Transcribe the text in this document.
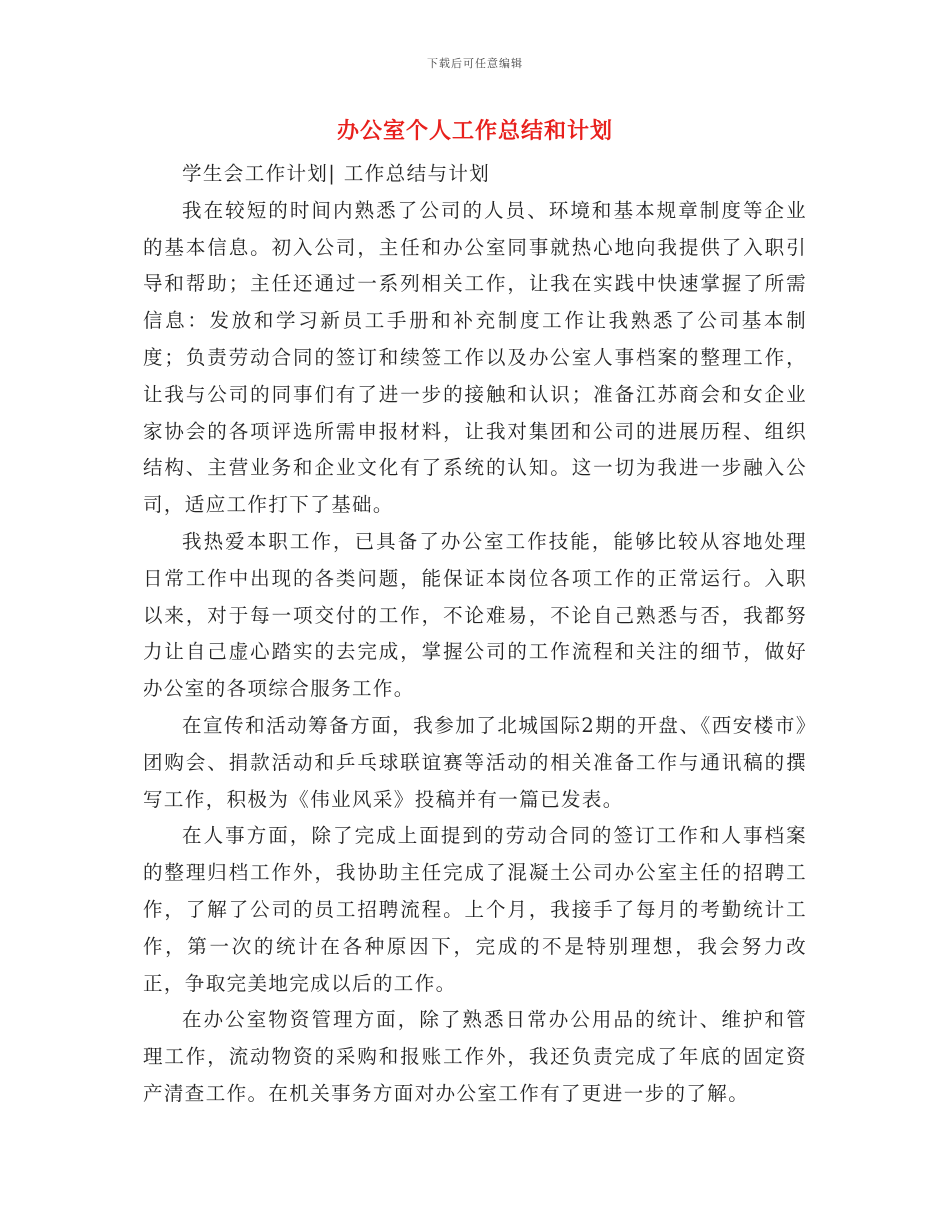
下载后可任意编辑
办公室个人工作总结和计划

学生会工作计划| 工作总结与计划

我在较短的时间内熟悉了公司的人员、环境和基本规章制度等企业的基本信息。初入公司，主任和办公室同事就热心地向我提供了入职引导和帮助；主任还通过一系列相关工作，让我在实践中快速掌握了所需信息：发放和学习新员工手册和补充制度工作让我熟悉了公司基本制度；负责劳动合同的签订和续签工作以及办公室人事档案的整理工作，让我与公司的同事们有了进一步的接触和认识；准备江苏商会和女企业家协会的各项评选所需申报材料，让我对集团和公司的进展历程、组织结构、主营业务和企业文化有了系统的认知。这一切为我进一步融入公司，适应工作打下了基础。

我热爱本职工作，已具备了办公室工作技能，能够比较从容地处理日常工作中出现的各类问题，能保证本岗位各项工作的正常运行。入职以来，对于每一项交付的工作，不论难易，不论自己熟悉与否，我都努力让自己虚心踏实的去完成，掌握公司的工作流程和关注的细节，做好办公室的各项综合服务工作。

在宣传和活动筹备方面，我参加了北城国际2期的开盘、《西安楼市》团购会、捐款活动和乒乓球联谊赛等活动的相关准备工作与通讯稿的撰写工作，积极为《伟业风采》投稿并有一篇已发表。

在人事方面，除了完成上面提到的劳动合同的签订工作和人事档案的整理归档工作外，我协助主任完成了混凝土公司办公室主任的招聘工作，了解了公司的员工招聘流程。上个月，我接手了每月的考勤统计工作，第一次的统计在各种原因下，完成的不是特别理想，我会努力改正，争取完美地完成以后的工作。

在办公室物资管理方面，除了熟悉日常办公用品的统计、维护和管理工作，流动物资的采购和报账工作外，我还负责完成了年底的固定资产清查工作。在机关事务方面对办公室工作有了更进一步的了解。
